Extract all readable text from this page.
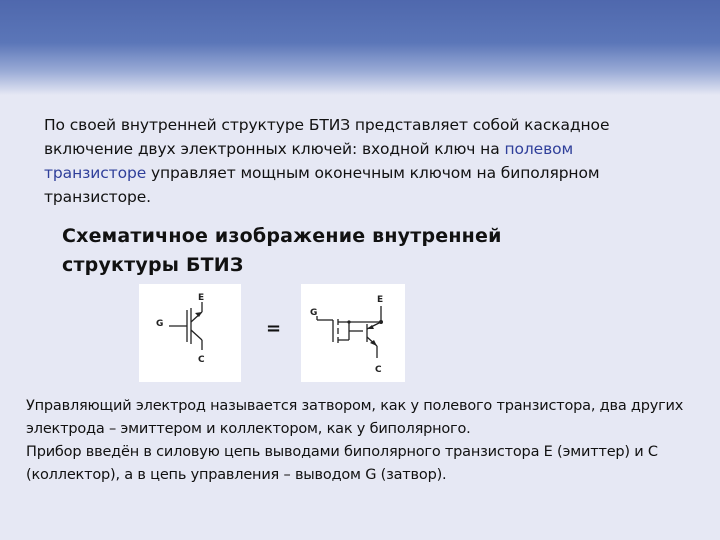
По своей внутренней структуре БТИЗ представляет собой каскадное включение двух электронных ключей: входной ключ на полевом транзисторе управляет мощным оконечным ключом на биполярном транзисторе.
Схематичное изображение внутренней структуры БТИЗ
E
G
C
=
E
G
C

Управляющий электрод называется затвором, как у полевого транзистора, два других электрода – эмиттером и коллектором, как у биполярного.

Прибор введён в силовую цепь выводами биполярного транзистора E (эмиттер) и C (коллектор), а в цепь управления – выводом G (затвор).
